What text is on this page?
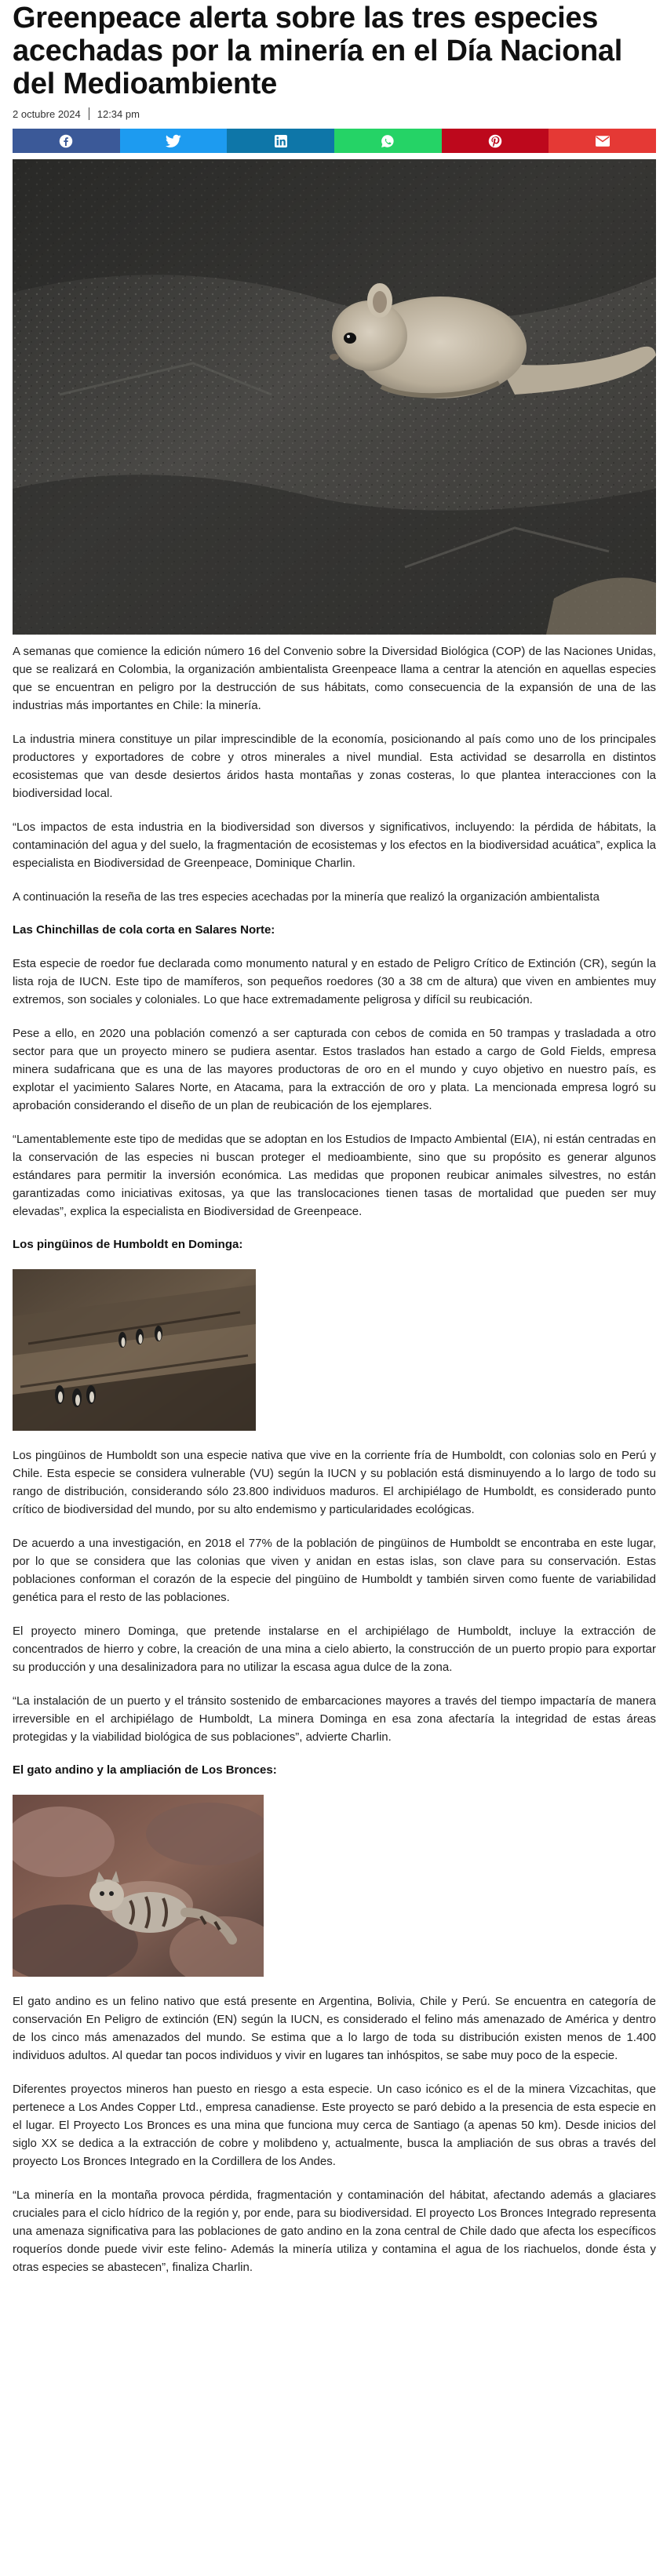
Greenpeace alerta sobre las tres especies acechadas por la minería en el Día Nacional del Medioambiente
2 octubre 2024 12:34 pm

A semanas que comience la edición número 16 del Convenio sobre la Diversidad Biológica (COP) de las Naciones Unidas, que se realizará en Colombia, la organización ambientalista Greenpeace llama a centrar la atención en aquellas especies que se encuentran en peligro por la destrucción de sus hábitats, como consecuencia de la expansión de una de las industrias más importantes en Chile: la minería.

La industria minera constituye un pilar imprescindible de la economía, posicionando al país como uno de los principales productores y exportadores de cobre y otros minerales a nivel mundial. Esta actividad se desarrolla en distintos ecosistemas que van desde desiertos áridos hasta montañas y zonas costeras, lo que plantea interacciones con la biodiversidad local.

“Los impactos de esta industria en la biodiversidad son diversos y significativos, incluyendo: la pérdida de hábitats, la contaminación del agua y del suelo, la fragmentación de ecosistemas y los efectos en la biodiversidad acuática”, explica la especialista en Biodiversidad de Greenpeace, Dominique Charlin.

A continuación la reseña de las tres especies acechadas por la minería que realizó la organización ambientalista

Las Chinchillas de cola corta en Salares Norte:

Esta especie de roedor fue declarada como monumento natural y en estado de Peligro Crítico de Extinción (CR), según la lista roja de IUCN. Este tipo de mamíferos, son pequeños roedores (30 a 38 cm de altura) que viven en ambientes muy extremos, son sociales y coloniales. Lo que hace extremadamente peligrosa y difícil su reubicación.

Pese a ello, en 2020 una población comenzó a ser capturada con cebos de comida en 50 trampas y trasladada a otro sector para que un proyecto minero se pudiera asentar. Estos traslados han estado a cargo de Gold Fields, empresa minera sudafricana que es una de las mayores productoras de oro en el mundo y cuyo objetivo en nuestro país, es explotar el yacimiento Salares Norte, en Atacama, para la extracción de oro y plata. La mencionada empresa logró su aprobación considerando el diseño de un plan de reubicación de los ejemplares.

“Lamentablemente este tipo de medidas que se adoptan en los Estudios de Impacto Ambiental (EIA), ni están centradas en la conservación de las especies ni buscan proteger el medioambiente, sino que su propósito es generar algunos estándares para permitir la inversión económica. Las medidas que proponen reubicar animales silvestres, no están garantizadas como iniciativas exitosas, ya que las translocaciones tienen tasas de mortalidad que pueden ser muy elevadas”, explica la especialista en Biodiversidad de Greenpeace.

Los pingüinos de Humboldt en Dominga:

Los pingüinos de Humboldt son una especie nativa que vive en la corriente fría de Humboldt, con colonias solo en Perú y Chile. Esta especie se considera vulnerable (VU) según la IUCN y su población está disminuyendo a lo largo de todo su rango de distribución, considerando sólo 23.800 individuos maduros. El archipiélago de Humboldt, es considerado punto crítico de biodiversidad del mundo, por su alto endemismo y particularidades ecológicas.

De acuerdo a una investigación, en 2018 el 77% de la población de pingüinos de Humboldt se encontraba en este lugar, por lo que se considera que las colonias que viven y anidan en estas islas, son clave para su conservación. Estas poblaciones conforman el corazón de la especie del pingüino de Humboldt y también sirven como fuente de variabilidad genética para el resto de las poblaciones.

El proyecto minero Dominga, que pretende instalarse en el archipiélago de Humboldt, incluye la extracción de concentrados de hierro y cobre, la creación de una mina a cielo abierto, la construcción de un puerto propio para exportar su producción y una desalinizadora para no utilizar la escasa agua dulce de la zona.

“La instalación de un puerto y el tránsito sostenido de embarcaciones mayores a través del tiempo impactaría de manera irreversible en el archipiélago de Humboldt, La minera Dominga en esa zona afectaría la integridad de estas áreas protegidas y la viabilidad biológica de sus poblaciones”, advierte Charlin.

El gato andino y la ampliación de Los Bronces:

El gato andino es un felino nativo que está presente en Argentina, Bolivia, Chile y Perú. Se encuentra en categoría de conservación En Peligro de extinción (EN) según la IUCN, es considerado el felino más amenazado de América y dentro de los cinco más amenazados del mundo. Se estima que a lo largo de toda su distribución existen menos de 1.400 individuos adultos. Al quedar tan pocos individuos y vivir en lugares tan inhóspitos, se sabe muy poco de la especie.

Diferentes proyectos mineros han puesto en riesgo a esta especie. Un caso icónico es el de la minera Vizcachitas, que pertenece a Los Andes Copper Ltd., empresa canadiense. Este proyecto se paró debido a la presencia de esta especie en el lugar. El Proyecto Los Bronces es una mina que funciona muy cerca de Santiago (a apenas 50 km). Desde inicios del siglo XX se dedica a la extracción de cobre y molibdeno y, actualmente, busca la ampliación de sus obras a través del proyecto Los Bronces Integrado en la Cordillera de los Andes.

“La minería en la montaña provoca pérdida, fragmentación y contaminación del hábitat, afectando además a glaciares cruciales para el ciclo hídrico de la región y, por ende, para su biodiversidad. El proyecto Los Bronces Integrado representa una amenaza significativa para las poblaciones de gato andino en la zona central de Chile dado que afecta los específicos roqueríos donde puede vivir este felino- Además la minería utiliza y contamina el agua de los riachuelos, donde ésta y otras especies se abastecen”, finaliza Charlin.
